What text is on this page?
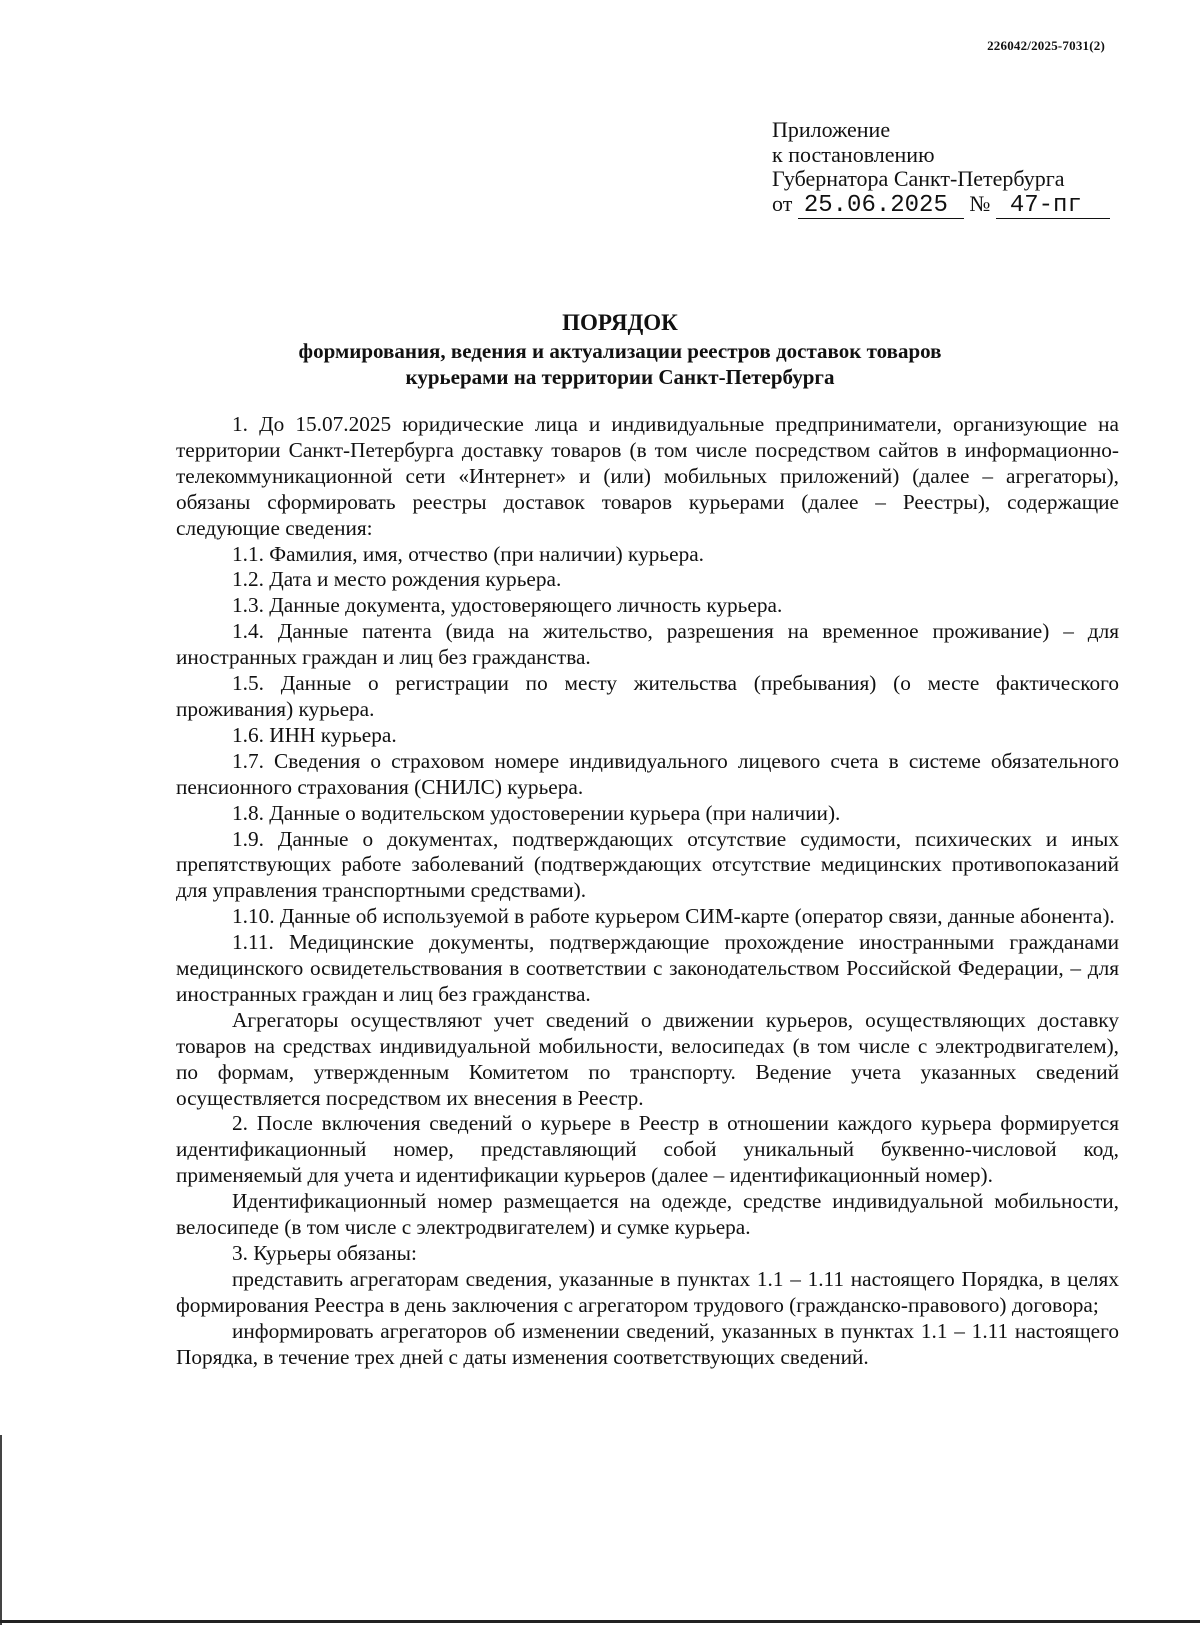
226042/2025-7031(2)
Приложение
к постановлению
Губернатора Санкт-Петербурга
от 25.06.2025 № 47-пг
ПОРЯДОК
формирования, ведения и актуализации реестров доставок товаров
курьерами на территории Санкт-Петербурга

1. До 15.07.2025 юридические лица и индивидуальные предприниматели, организующие на территории Санкт-Петербурга доставку товаров (в том числе посредством сайтов в информационно-телекоммуникационной сети «Интернет» и (или) мобильных приложений) (далее – агрегаторы), обязаны сформировать реестры доставок товаров курьерами (далее – Реестры), содержащие следующие сведения:

1.1. Фамилия, имя, отчество (при наличии) курьера.

1.2. Дата и место рождения курьера.

1.3. Данные документа, удостоверяющего личность курьера.

1.4. Данные патента (вида на жительство, разрешения на временное проживание) – для иностранных граждан и лиц без гражданства.

1.5. Данные о регистрации по месту жительства (пребывания) (о месте фактического проживания) курьера.

1.6. ИНН курьера.

1.7. Сведения о страховом номере индивидуального лицевого счета в системе обязательного пенсионного страхования (СНИЛС) курьера.

1.8. Данные о водительском удостоверении курьера (при наличии).

1.9. Данные о документах, подтверждающих отсутствие судимости, психических и иных препятствующих работе заболеваний (подтверждающих отсутствие медицинских противопоказаний для управления транспортными средствами).

1.10. Данные об используемой в работе курьером СИМ-карте (оператор связи, данные абонента).

1.11. Медицинские документы, подтверждающие прохождение иностранными гражданами медицинского освидетельствования в соответствии с законодательством Российской Федерации, – для иностранных граждан и лиц без гражданства.

Агрегаторы осуществляют учет сведений о движении курьеров, осуществляющих доставку товаров на средствах индивидуальной мобильности, велосипедах (в том числе с электродвигателем), по формам, утвержденным Комитетом по транспорту. Ведение учета указанных сведений осуществляется посредством их внесения в Реестр.

2. После включения сведений о курьере в Реестр в отношении каждого курьера формируется идентификационный номер, представляющий собой уникальный буквенно-числовой код, применяемый для учета и идентификации курьеров (далее – идентификационный номер).

Идентификационный номер размещается на одежде, средстве индивидуальной мобильности, велосипеде (в том числе с электродвигателем) и сумке курьера.

3. Курьеры обязаны:

представить агрегаторам сведения, указанные в пунктах 1.1 – 1.11 настоящего Порядка, в целях формирования Реестра в день заключения с агрегатором трудового (гражданско-правового) договора;

информировать агрегаторов об изменении сведений, указанных в пунктах 1.1 – 1.11 настоящего Порядка, в течение трех дней с даты изменения соответствующих сведений.
